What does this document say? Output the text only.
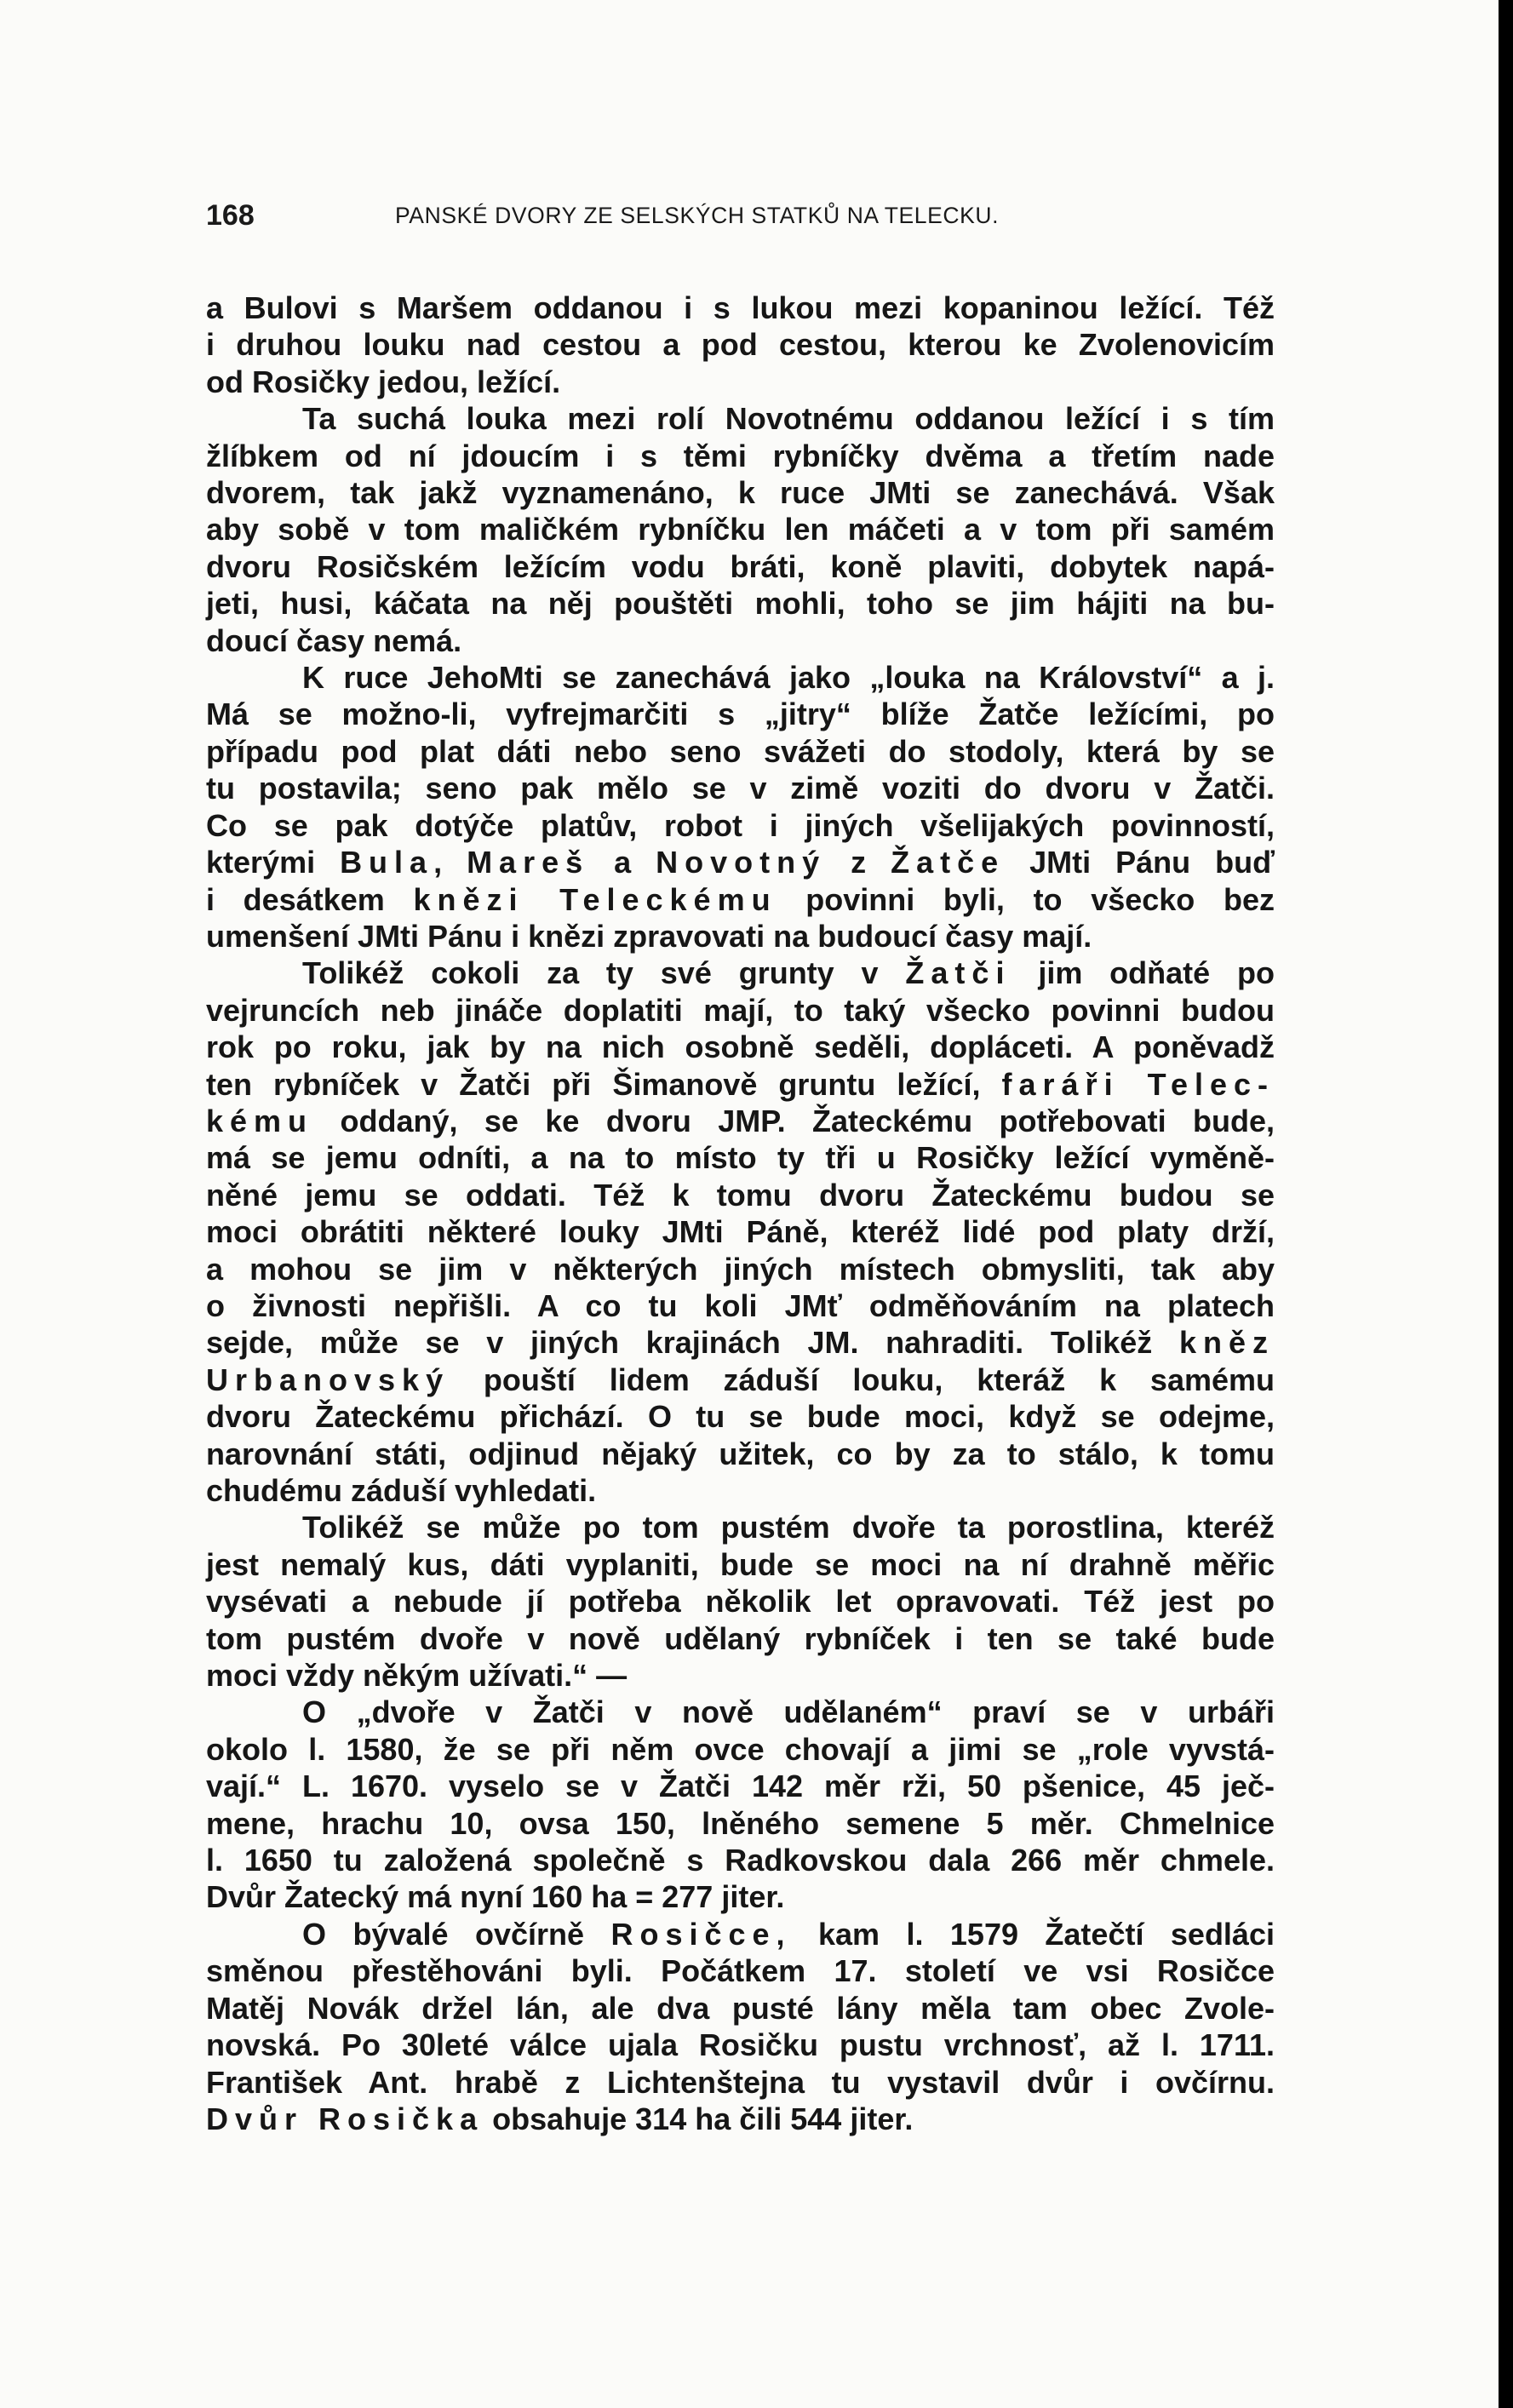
168	PANSKÉ DVORY ZE SELSKÝCH STATKŮ NA TELECKU.

a Bulovi s Maršem oddanou i s lukou mezi kopaninou ležící. Též
i druhou louku nad cestou a pod cestou, kterou ke Zvolenovicím
od Rosičky jedou, ležící.

Ta suchá louka mezi rolí Novotnému oddanou ležící i s tím

žlíbkem od ní jdoucím i s těmi rybníčky dvěma a třetím nade
dvorem, tak jakž vyznamenáno, k ruce JMti se zanechává. Však
aby sobě v tom maličkém rybníčku len máčeti a v tom při samém
dvoru Rosičském ležícím vodu bráti, koně plaviti, dobytek napá-
jeti, husi, káčata na něj pouštěti mohli, toho se jim hájiti na bu-
doucí časy nemá.

K ruce JehoMti se zanechává jako „louka na Království“ a j.

Má se možno-li, vyfrejmarčiti s „jitry“ blíže Žatče ležícími, po
případu pod plat dáti nebo seno svážeti do stodoly, která by se
tu postavila; seno pak mělo se v zimě voziti do dvoru v Žatči.
Co se pak dotýče platův, robot i jiných všelijakých povinností,
kterými Bula, Mareš a Novotný z Žatče JMti Pánu buď
i desátkem knězi Teleckému povinni byli, to všecko bez
umenšení JMti Pánu i knězi zpravovati na budoucí časy mají.

Tolikéž cokoli za ty své grunty v Žatči jim odňaté po

vejruncích neb jináče doplatiti mají, to taký všecko povinni budou
rok po roku, jak by na nich osobně seděli, dopláceti. A poněvadž
ten rybníček v Žatči při Šimanově gruntu ležící, faráři Telec-
kému oddaný, se ke dvoru JMP. Žateckému potřebovati bude,
má se jemu odníti, a na to místo ty tři u Rosičky ležící vyměně-
něné jemu se oddati. Též k tomu dvoru Žateckému budou se
moci obrátiti některé louky JMti Páně, kteréž lidé pod platy drží,
a mohou se jim v některých jiných místech obmysliti, tak aby
o živnosti nepřišli. A co tu koli JMť odměňováním na platech
sejde, může se v jiných krajinách JM. nahraditi. Tolikéž kněz
Urbanovský pouští lidem záduší louku, kteráž k samému
dvoru Žateckému přichází. O tu se bude moci, když se odejme,
narovnání státi, odjinud nějaký užitek, co by za to stálo, k tomu
chudému záduší vyhledati.

Tolikéž se může po tom pustém dvoře ta porostlina, kteréž

jest nemalý kus, dáti vyplaniti, bude se moci na ní drahně měřic
vysévati a nebude jí potřeba několik let opravovati. Též jest po
tom pustém dvoře v nově udělaný rybníček i ten se také bude
moci vždy někým užívati.“ —

O „dvoře v Žatči v nově udělaném“ praví se v urbáři

okolo l. 1580, že se při něm ovce chovají a jimi se „role vyvstá-
vají.“ L. 1670. vyselo se v Žatči 142 měr rži, 50 pšenice, 45 ječ-
mene, hrachu 10, ovsa 150, lněného semene 5 měr. Chmelnice
l. 1650 tu založená společně s Radkovskou dala 266 měr chmele.
Dvůr Žatecký má nyní 160 ha = 277 jiter.

O bývalé ovčírně Rosičce, kam l. 1579 Žatečtí sedláci

směnou přestěhováni byli. Počátkem 17. století ve vsi Rosičce
Matěj Novák držel lán, ale dva pusté lány měla tam obec Zvole-
novská. Po 30leté válce ujala Rosičku pustu vrchnosť, až l. 1711.
František Ant. hrabě z Lichtenštejna tu vystavil dvůr i ovčírnu.
Dvůr Rosička obsahuje 314 ha čili 544 jiter.
